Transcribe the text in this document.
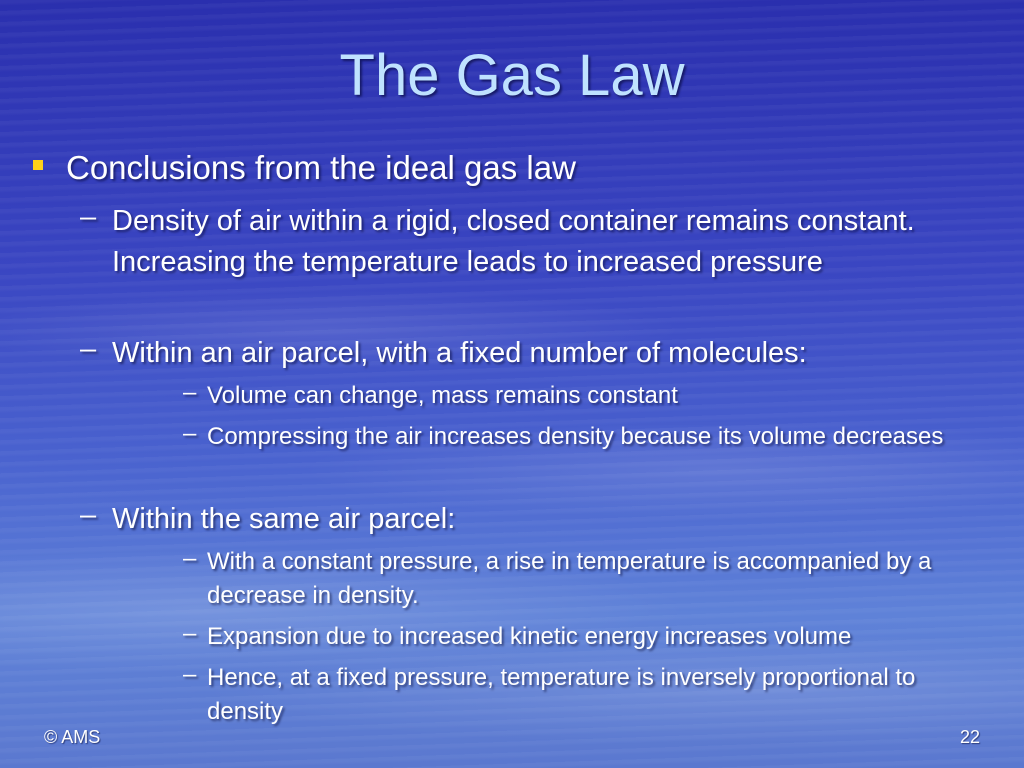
The Gas Law
Conclusions from the ideal gas law
– Density of air within a rigid, closed container remains constant. Increasing the temperature leads to increased pressure
– Within an air parcel, with a fixed number of molecules:
– Volume can change, mass remains constant
– Compressing the air increases density because its volume decreases
– Within the same air parcel:
– With a constant pressure, a rise in temperature is accompanied by a decrease in density.
– Expansion due to increased kinetic energy increases volume
– Hence, at a fixed pressure, temperature is inversely proportional to density
© AMS	22
